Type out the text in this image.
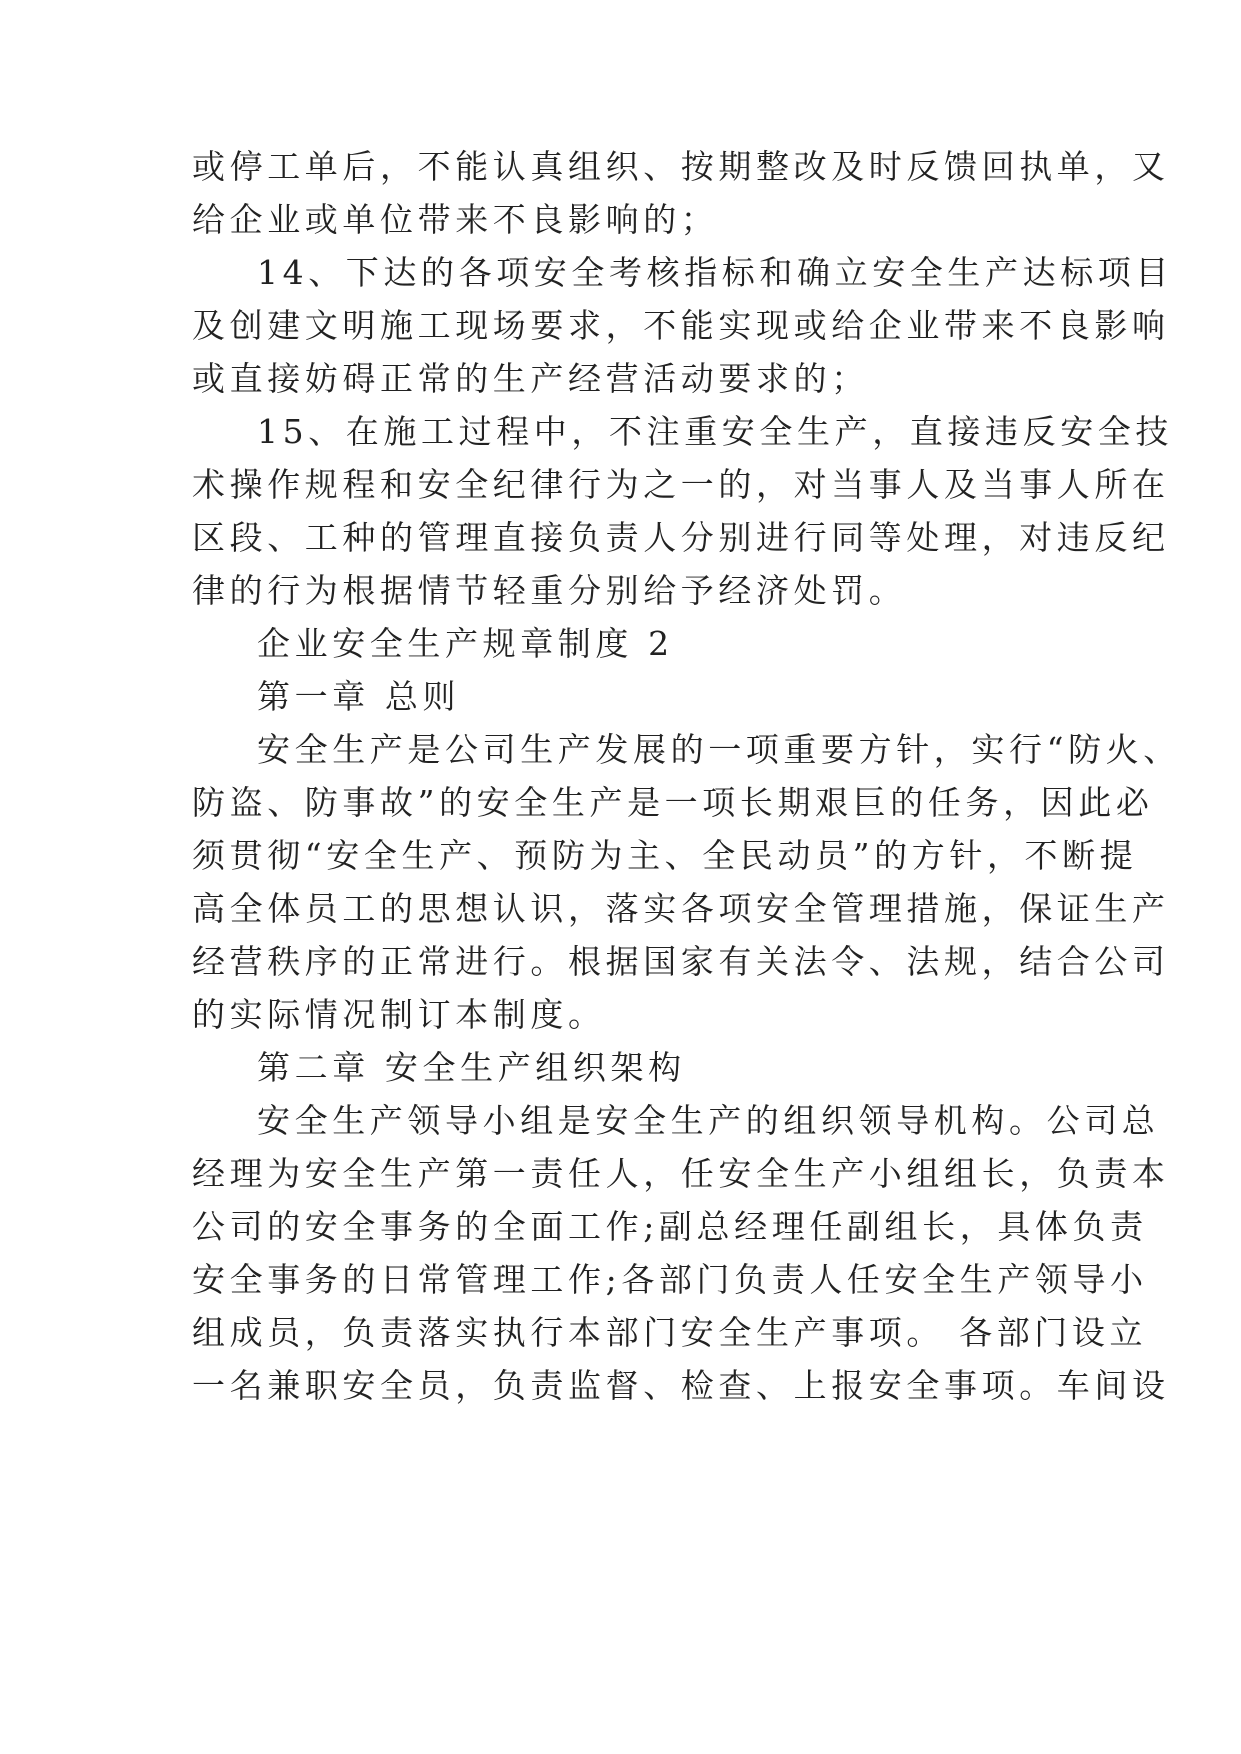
或停工单后，不能认真组织、按期整改及时反馈回执单，又
给企业或单位带来不良影响的；
14、下达的各项安全考核指标和确立安全生产达标项目
及创建文明施工现场要求，不能实现或给企业带来不良影响
或直接妨碍正常的生产经营活动要求的；
15、在施工过程中，不注重安全生产，直接违反安全技
术操作规程和安全纪律行为之一的，对当事人及当事人所在
区段、工种的管理直接负责人分别进行同等处理，对违反纪
律的行为根据情节轻重分别给予经济处罚。
企业安全生产规章制度 2
第一章 总则
安全生产是公司生产发展的一项重要方针，实行“防火、
防盗、防事故”的安全生产是一项长期艰巨的任务，因此必
须贯彻“安全生产、预防为主、全民动员”的方针，不断提
高全体员工的思想认识，落实各项安全管理措施，保证生产
经营秩序的正常进行。根据国家有关法令、法规，结合公司
的实际情况制订本制度。
第二章 安全生产组织架构
安全生产领导小组是安全生产的组织领导机构。公司总
经理为安全生产第一责任人，任安全生产小组组长，负责本
公司的安全事务的全面工作;副总经理任副组长，具体负责
安全事务的日常管理工作;各部门负责人任安全生产领导小
组成员，负责落实执行本部门安全生产事项。 各部门设立
一名兼职安全员，负责监督、检查、上报安全事项。车间设
